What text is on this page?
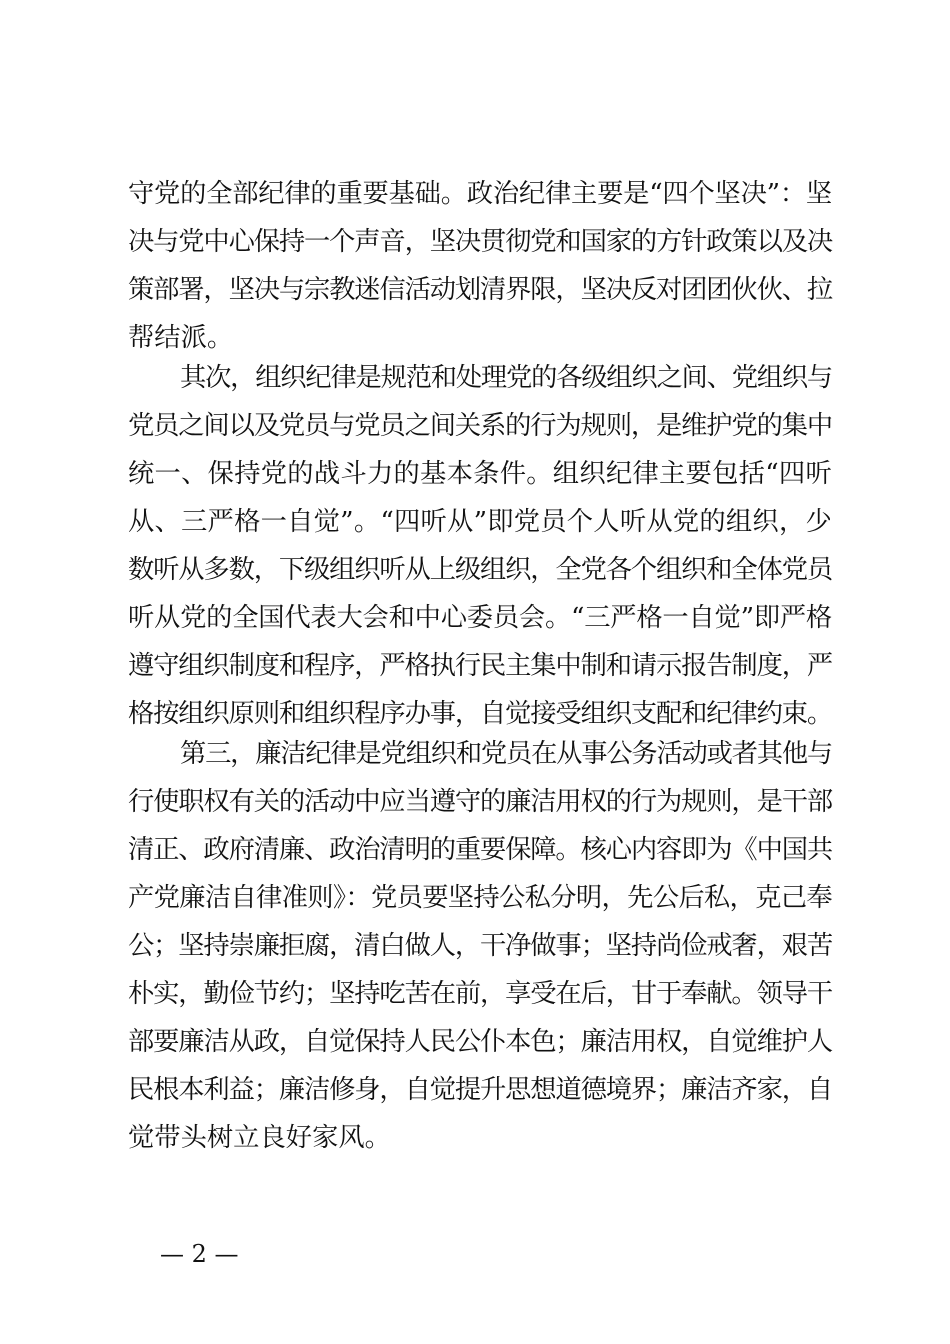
守党的全部纪律的重要基础。政治纪律主要是“四个坚决”：坚
决与党中心保持一个声音，坚决贯彻党和国家的方针政策以及决
策部署，坚决与宗教迷信活动划清界限，坚决反对团团伙伙、拉
帮结派。
其次，组织纪律是规范和处理党的各级组织之间、党组织与
党员之间以及党员与党员之间关系的行为规则，是维护党的集中
统一、保持党的战斗力的基本条件。组织纪律主要包括“四听
从、三严格一自觉”。“四听从”即党员个人听从党的组织，少
数听从多数，下级组织听从上级组织，全党各个组织和全体党员
听从党的全国代表大会和中心委员会。“三严格一自觉”即严格
遵守组织制度和程序，严格执行民主集中制和请示报告制度，严
格按组织原则和组织程序办事，自觉接受组织支配和纪律约束。
第三，廉洁纪律是党组织和党员在从事公务活动或者其他与
行使职权有关的活动中应当遵守的廉洁用权的行为规则，是干部
清正、政府清廉、政治清明的重要保障。核心内容即为《中国共
产党廉洁自律准则》：党员要坚持公私分明，先公后私，克己奉
公；坚持崇廉拒腐，清白做人，干净做事；坚持尚俭戒奢，艰苦
朴实，勤俭节约；坚持吃苦在前，享受在后，甘于奉献。领导干
部要廉洁从政，自觉保持人民公仆本色；廉洁用权，自觉维护人
民根本利益；廉洁修身，自觉提升思想道德境界；廉洁齐家，自
觉带头树立良好家风。
— 2 —
